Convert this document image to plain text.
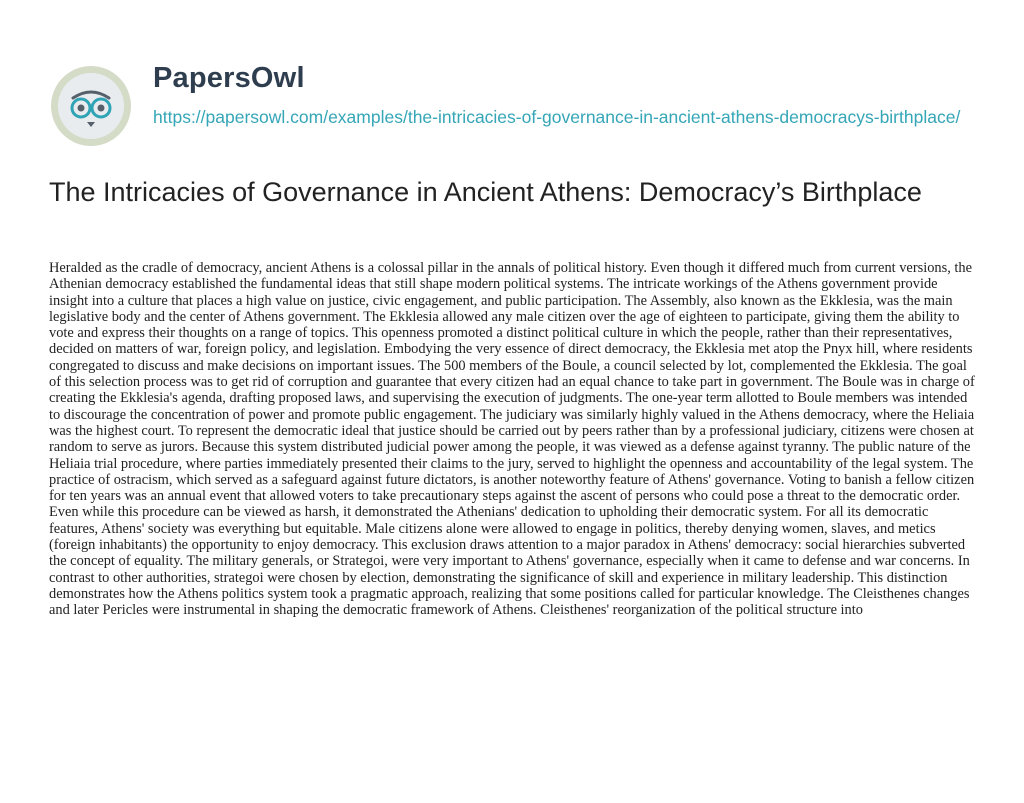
PapersOwl
https://papersowl.com/examples/the-intricacies-of-governance-in-ancient-athens-democracys-birthplace/
The Intricacies of Governance in Ancient Athens: Democracy’s Birthplace

Heralded as the cradle of democracy, ancient Athens is a colossal pillar in the annals of political history. Even though it differed much from current versions, the Athenian democracy established the fundamental ideas that still shape modern political systems. The intricate workings of the Athens government provide insight into a culture that places a high value on justice, civic engagement, and public participation. The Assembly, also known as the Ekklesia, was the main legislative body and the center of Athens government. The Ekklesia allowed any male citizen over the age of eighteen to participate, giving them the ability to vote and express their thoughts on a range of topics. This openness promoted a distinct political culture in which the people, rather than their representatives, decided on matters of war, foreign policy, and legislation. Embodying the very essence of direct democracy, the Ekklesia met atop the Pnyx hill, where residents congregated to discuss and make decisions on important issues. The 500 members of the Boule, a council selected by lot, complemented the Ekklesia. The goal of this selection process was to get rid of corruption and guarantee that every citizen had an equal chance to take part in government. The Boule was in charge of creating the Ekklesia's agenda, drafting proposed laws, and supervising the execution of judgments. The one-year term allotted to Boule members was intended to discourage the concentration of power and promote public engagement. The judiciary was similarly highly valued in the Athens democracy, where the Heliaia was the highest court. To represent the democratic ideal that justice should be carried out by peers rather than by a professional judiciary, citizens were chosen at random to serve as jurors. Because this system distributed judicial power among the people, it was viewed as a defense against tyranny. The public nature of the Heliaia trial procedure, where parties immediately presented their claims to the jury, served to highlight the openness and accountability of the legal system. The practice of ostracism, which served as a safeguard against future dictators, is another noteworthy feature of Athens' governance. Voting to banish a fellow citizen for ten years was an annual event that allowed voters to take precautionary steps against the ascent of persons who could pose a threat to the democratic order. Even while this procedure can be viewed as harsh, it demonstrated the Athenians' dedication to upholding their democratic system. For all its democratic features, Athens' society was everything but equitable. Male citizens alone were allowed to engage in politics, thereby denying women, slaves, and metics (foreign inhabitants) the opportunity to enjoy democracy. This exclusion draws attention to a major paradox in Athens' democracy: social hierarchies subverted the concept of equality. The military generals, or Strategoi, were very important to Athens' governance, especially when it came to defense and war concerns. In contrast to other authorities, strategoi were chosen by election, demonstrating the significance of skill and experience in military leadership. This distinction demonstrates how the Athens politics system took a pragmatic approach, realizing that some positions called for particular knowledge. The Cleisthenes changes and later Pericles were instrumental in shaping the democratic framework of Athens. Cleisthenes' reorganization of the political structure into
